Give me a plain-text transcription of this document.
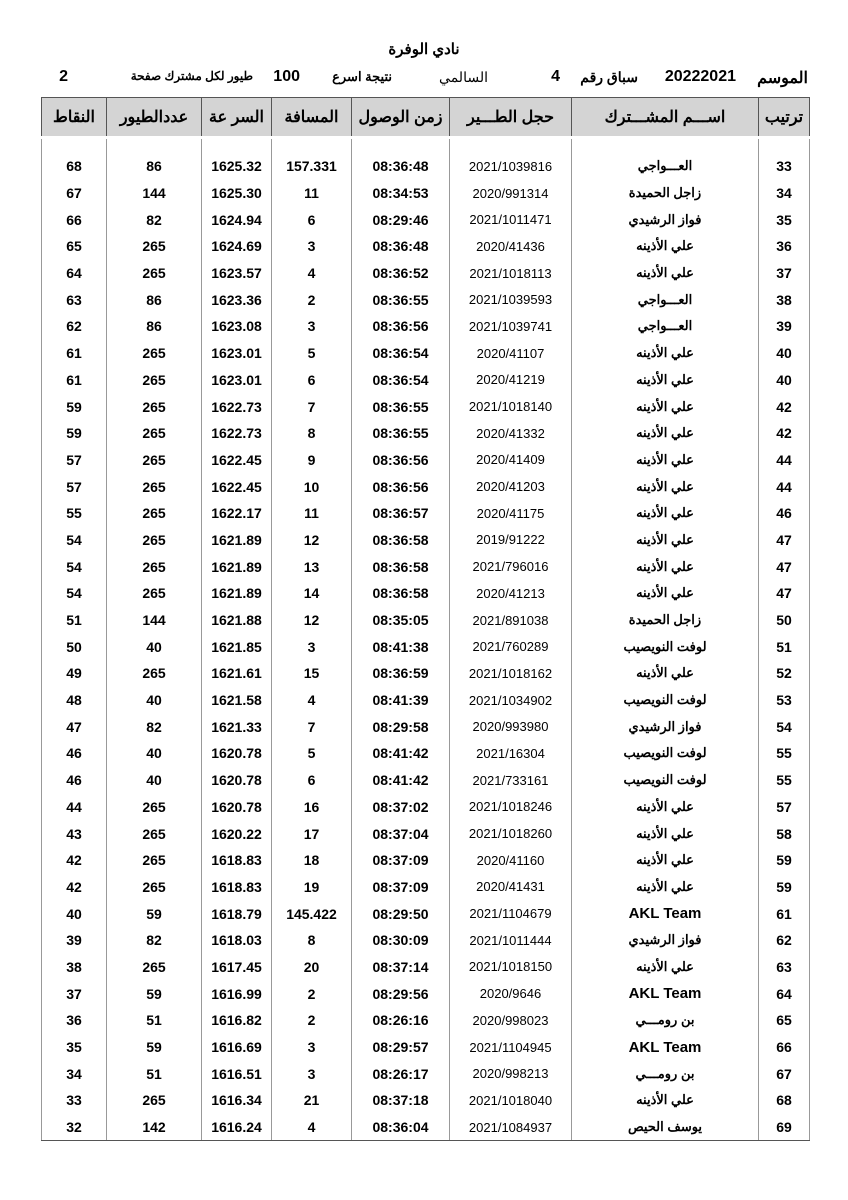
نادي الوفرة
الموسم
20222021
سباق رقم
4
السالمي
نتيجة اسرع
100
طيور لكل مشترك صفحة
2
ترتيب	اســـم المشـــترك	حجل الطـــير	زمن الوصول	المسافة	السر عة	عددالطيور	النقاط

33	العـــواجي	2021/1039816	08:36:48	157.331	1625.32	86	68
34	زاجل الحميدة	2020/991314	08:34:53	11	1625.30	144	67
35	فواز الرشيدي	2021/1011471	08:29:46	6	1624.94	82	66
36	علي الأذينه	2020/41436	08:36:48	3	1624.69	265	65
37	علي الأذينه	2021/1018113	08:36:52	4	1623.57	265	64
38	العـــواجي	2021/1039593	08:36:55	2	1623.36	86	63
39	العـــواجي	2021/1039741	08:36:56	3	1623.08	86	62
40	علي الأذينه	2020/41107	08:36:54	5	1623.01	265	61
40	علي الأذينه	2020/41219	08:36:54	6	1623.01	265	61
42	علي الأذينه	2021/1018140	08:36:55	7	1622.73	265	59
42	علي الأذينه	2020/41332	08:36:55	8	1622.73	265	59
44	علي الأذينه	2020/41409	08:36:56	9	1622.45	265	57
44	علي الأذينه	2020/41203	08:36:56	10	1622.45	265	57
46	علي الأذينه	2020/41175	08:36:57	11	1622.17	265	55
47	علي الأذينه	2019/91222	08:36:58	12	1621.89	265	54
47	علي الأذينه	2021/796016	08:36:58	13	1621.89	265	54
47	علي الأذينه	2020/41213	08:36:58	14	1621.89	265	54
50	زاجل الحميدة	2021/891038	08:35:05	12	1621.88	144	51
51	لوفت النويصيب	2021/760289	08:41:38	3	1621.85	40	50
52	علي الأذينه	2021/1018162	08:36:59	15	1621.61	265	49
53	لوفت النويصيب	2021/1034902	08:41:39	4	1621.58	40	48
54	فواز الرشيدي	2020/993980	08:29:58	7	1621.33	82	47
55	لوفت النويصيب	2021/16304	08:41:42	5	1620.78	40	46
55	لوفت النويصيب	2021/733161	08:41:42	6	1620.78	40	46
57	علي الأذينه	2021/1018246	08:37:02	16	1620.78	265	44
58	علي الأذينه	2021/1018260	08:37:04	17	1620.22	265	43
59	علي الأذينه	2020/41160	08:37:09	18	1618.83	265	42
59	علي الأذينه	2020/41431	08:37:09	19	1618.83	265	42
61	AKL Team	2021/1104679	08:29:50	145.422	1618.79	59	40
62	فواز الرشيدي	2021/1011444	08:30:09	8	1618.03	82	39
63	علي الأذينه	2021/1018150	08:37:14	20	1617.45	265	38
64	AKL Team	2020/9646	08:29:56	2	1616.99	59	37
65	بن رومـــي	2020/998023	08:26:16	2	1616.82	51	36
66	AKL Team	2021/1104945	08:29:57	3	1616.69	59	35
67	بن رومـــي	2020/998213	08:26:17	3	1616.51	51	34
68	علي الأذينه	2021/1018040	08:37:18	21	1616.34	265	33
69	يوسف الحيص	2021/1084937	08:36:04	4	1616.24	142	32
